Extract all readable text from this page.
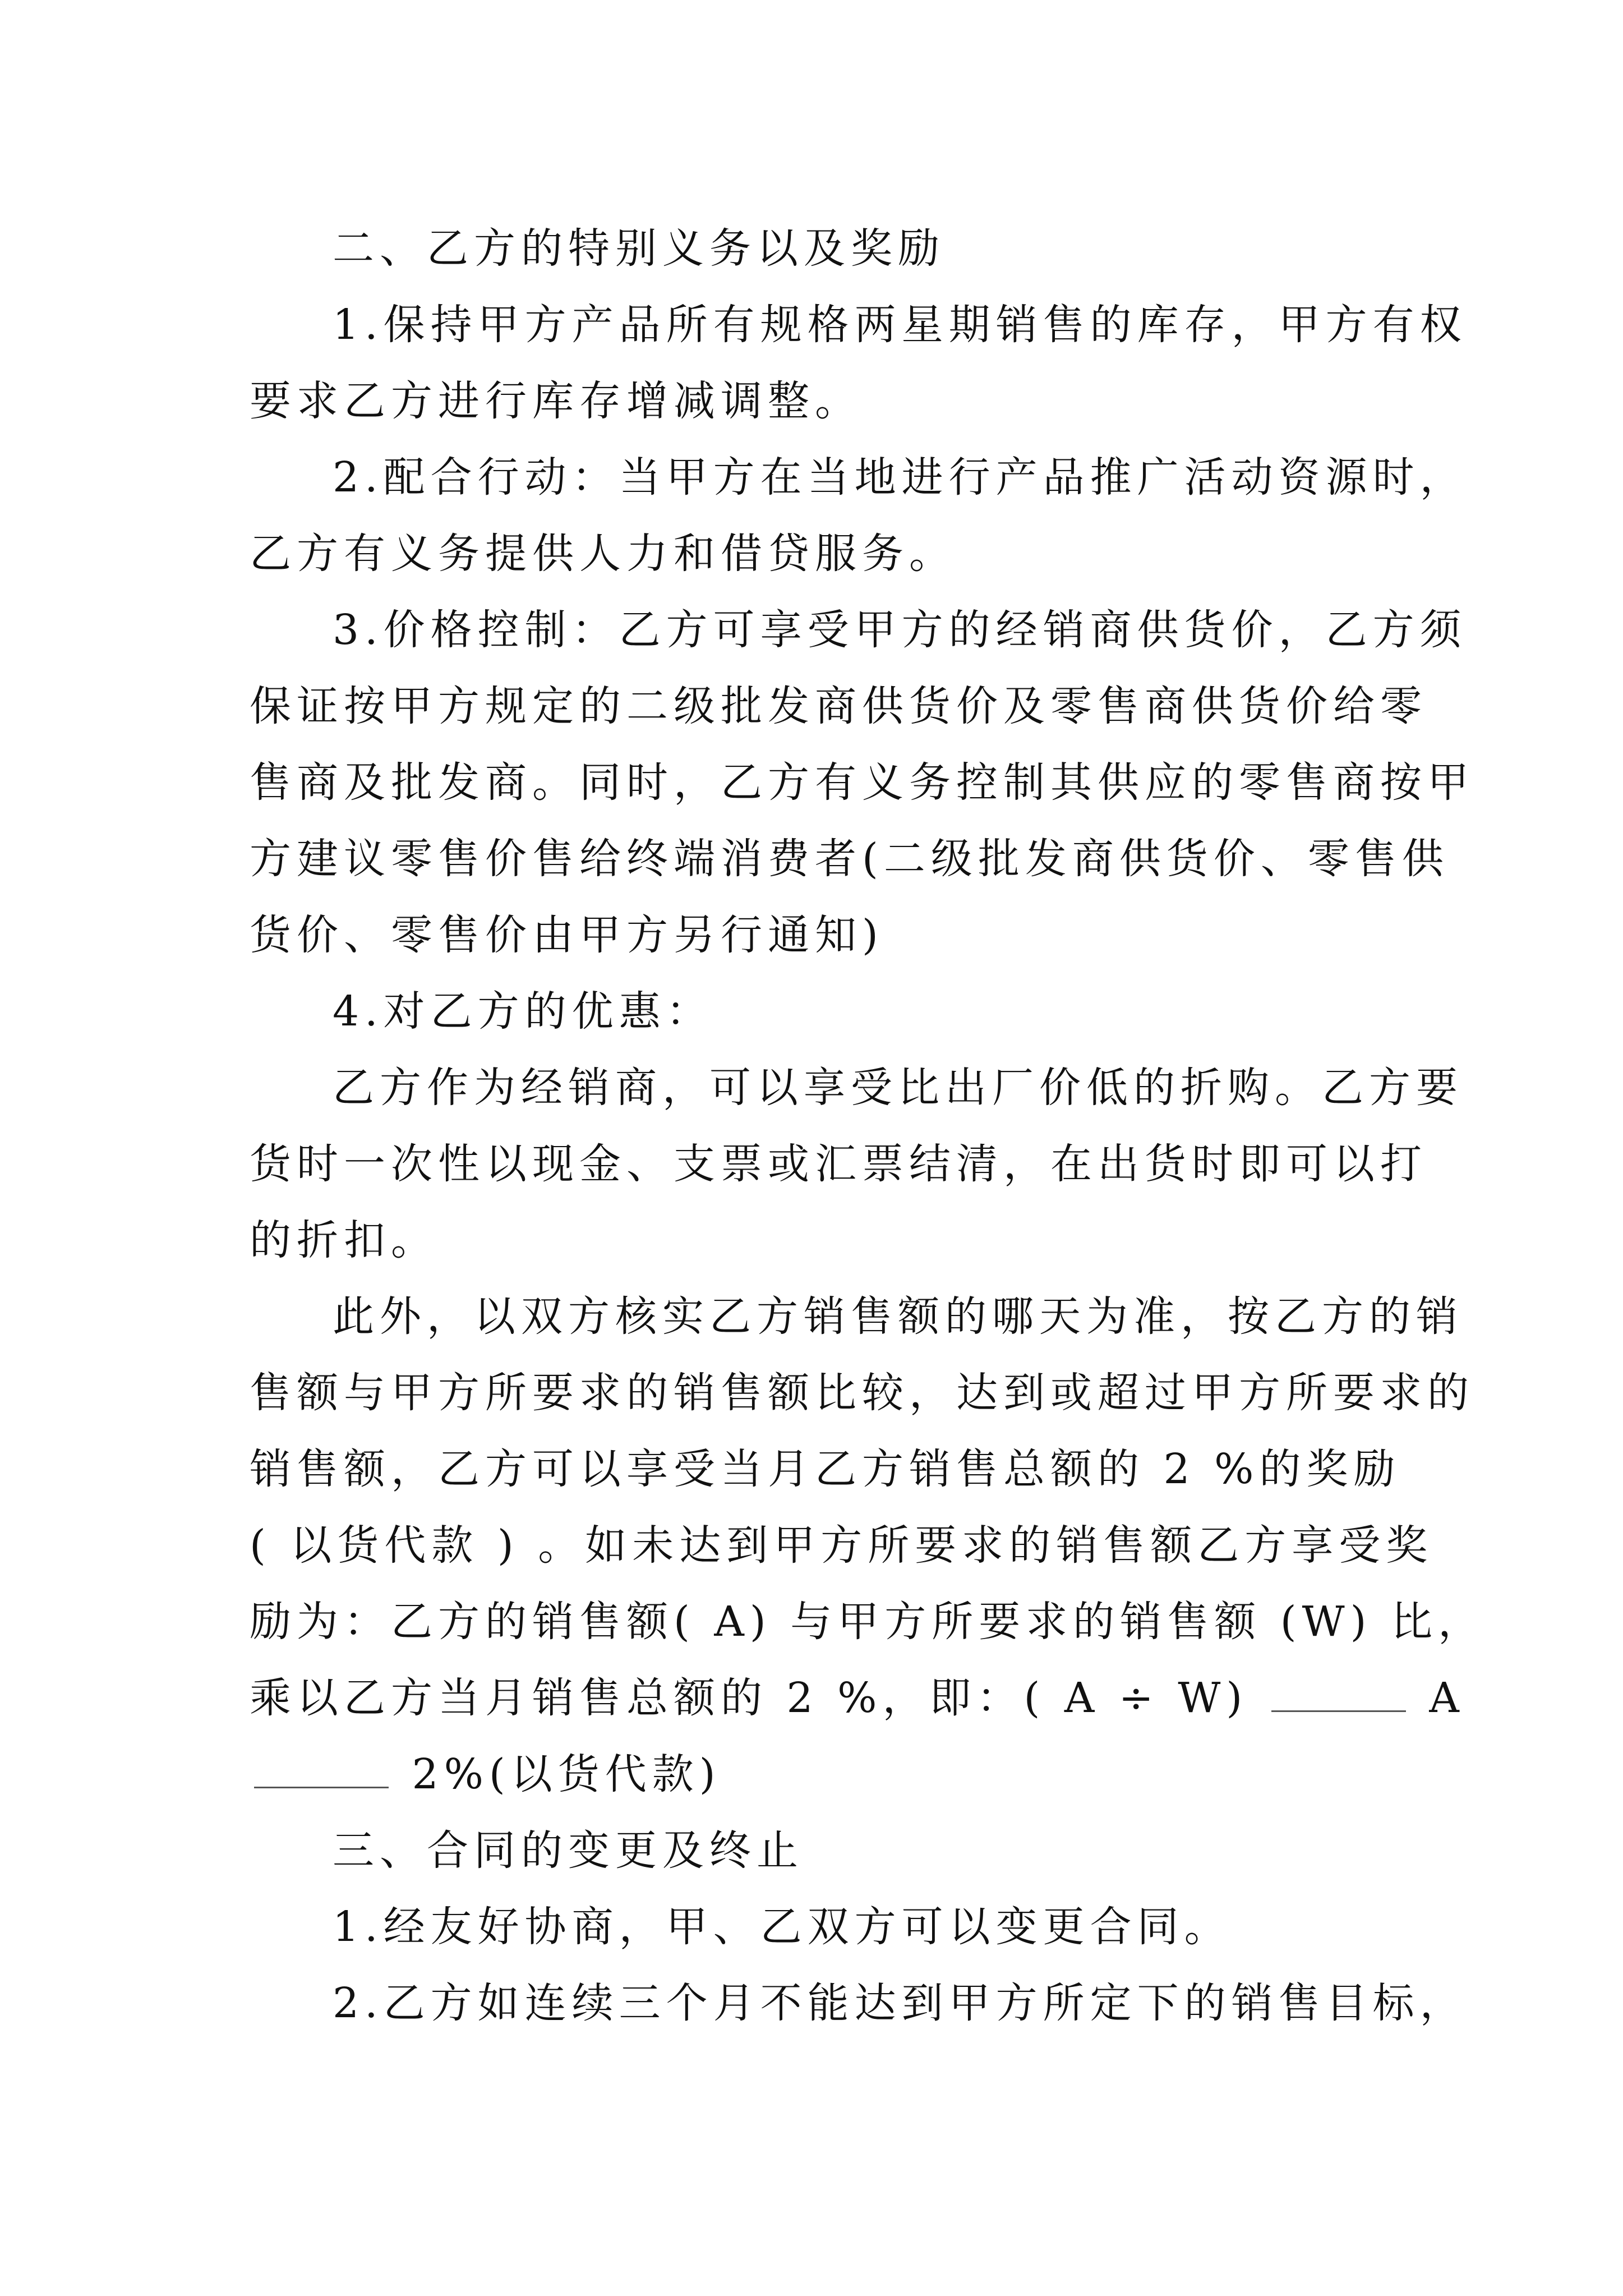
二、乙方的特别义务以及奖励
1.保持甲方产品所有规格两星期销售的库存，甲方有权
要求乙方进行库存增减调整。
2.配合行动：当甲方在当地进行产品推广活动资源时，
乙方有义务提供人力和借贷服务。
3.价格控制：乙方可享受甲方的经销商供货价，乙方须
保证按甲方规定的二级批发商供货价及零售商供货价给零
售商及批发商。同时，乙方有义务控制其供应的零售商按甲
方建议零售价售给终端消费者(二级批发商供货价、零售供
货价、零售价由甲方另行通知)
4.对乙方的优惠：
乙方作为经销商，可以享受比出厂价低的折购。乙方要
货时一次性以现金、支票或汇票结清，在出货时即可以打
的折扣。
此外，以双方核实乙方销售额的哪天为准，按乙方的销
售额与甲方所要求的销售额比较，达到或超过甲方所要求的
销售额，乙方可以享受当月乙方销售总额的 2 %的奖励
( 以货代款 ) 。如未达到甲方所要求的销售额乙方享受奖
励为：乙方的销售额( A) 与甲方所要求的销售额 (W) 比，
乘以乙方当月销售总额的 2 %，即：( A ÷ W)	A
2%(以货代款)
三、合同的变更及终止
1.经友好协商，甲、乙双方可以变更合同。
2.乙方如连续三个月不能达到甲方所定下的销售目标，
